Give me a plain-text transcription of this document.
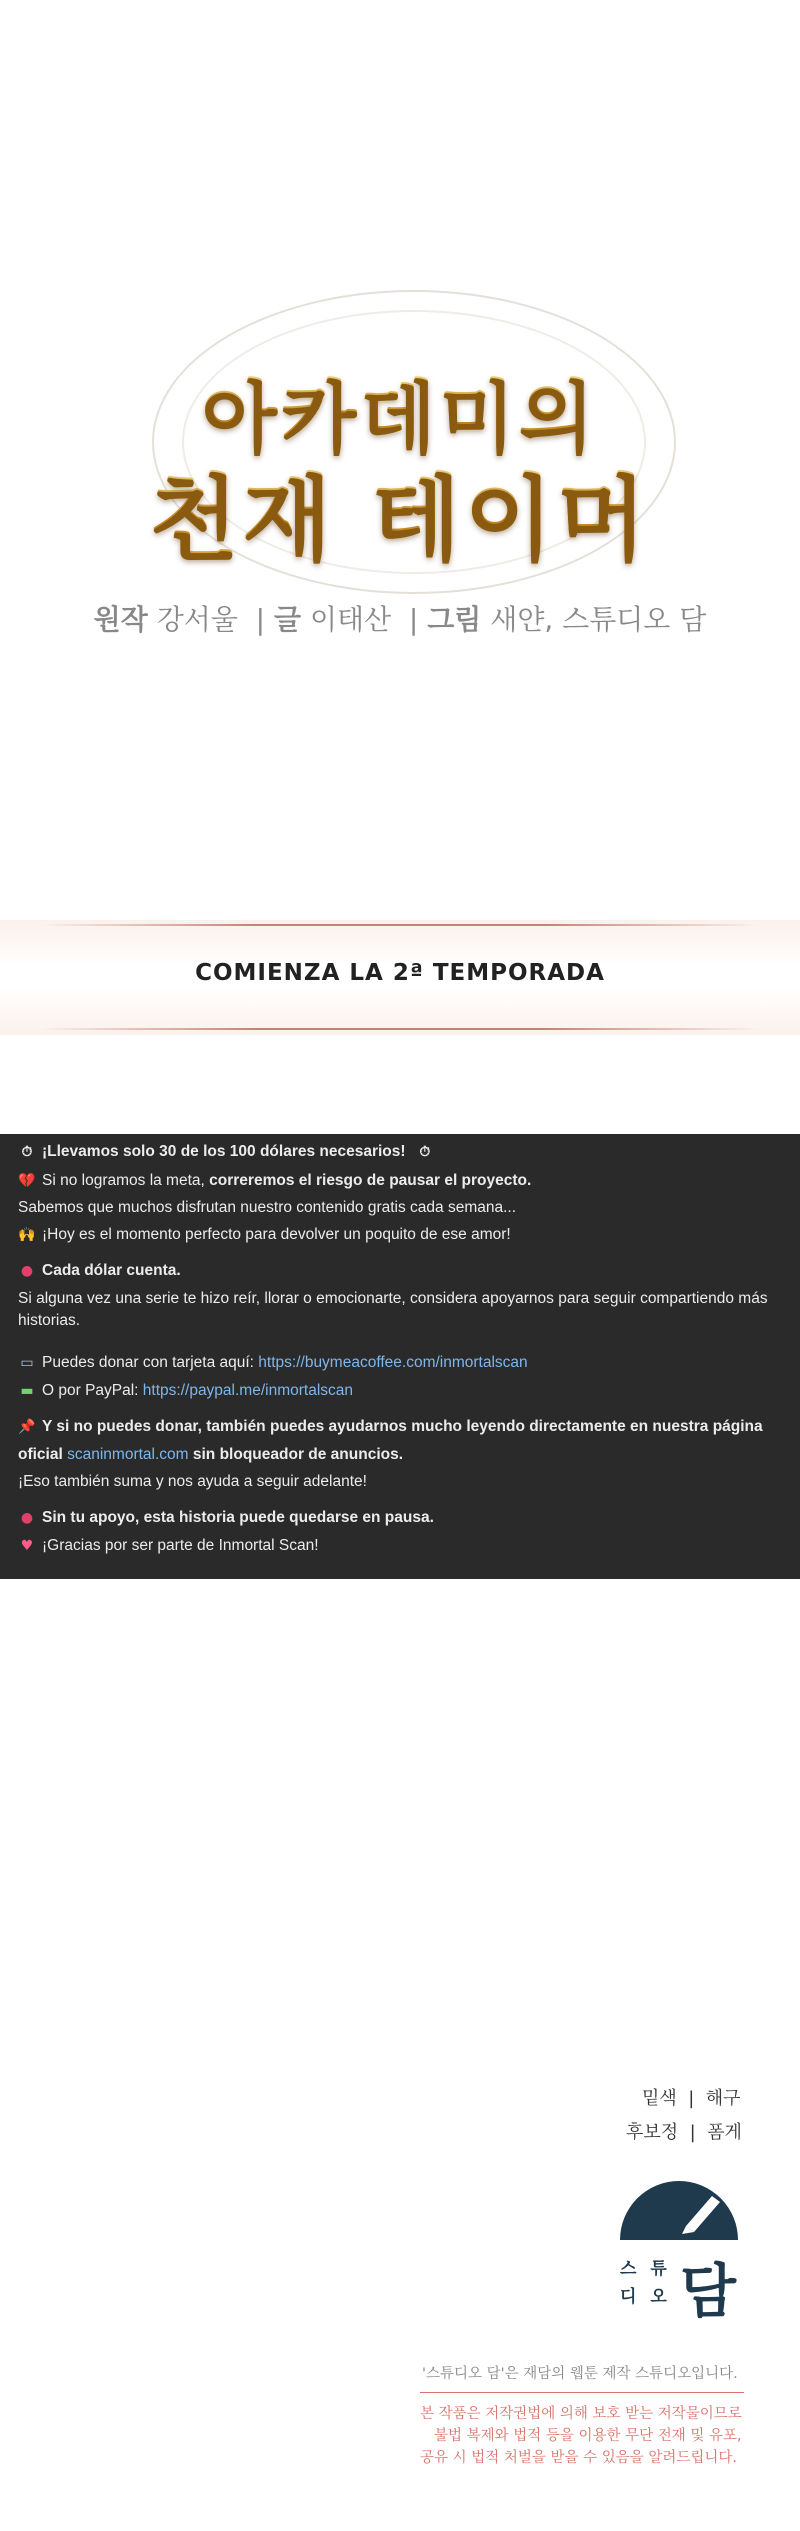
아카데미의
천재 테이머
원작 강서울  | 글 이태산  | 그림 새얀, 스튜디오 담
COMIENZA LA 2ª TEMPORADA
⏱ ¡Llevamos solo 30 de los 100 dólares necesarios! ⏱
💔 Si no logramos la meta, correremos el riesgo de pausar el proyecto.
Sabemos que muchos disfrutan nuestro contenido gratis cada semana...
🙌 ¡Hoy es el momento perfecto para devolver un poquito de ese amor!
● Cada dólar cuenta.
Si alguna vez una serie te hizo reír, llorar o emocionarte, considera apoyarnos para seguir compartiendo más historias.
▭ Puedes donar con tarjeta aquí: https://buymeacoffee.com/inmortalscan
▬ O por PayPal: https://paypal.me/inmortalscan
📌 Y si no puedes donar, también puedes ayudarnos mucho leyendo directamente en nuestra página
oficial scaninmortal.com sin bloqueador de anuncios.
¡Eso también suma y nos ayuda a seguir adelante!
● Sin tu apoyo, esta historia puede quedarse en pausa.
♥ ¡Gracias por ser parte de Inmortal Scan!
밑색  |  해구
후보정  |  폼게
스 튜
디 오 담
'스튜디오 담'은 재담의 웹툰 제작 스튜디오입니다.
본 작품은 저작권법에 의해 보호 받는 저작물이므로
불법 복제와 법적 등을 이용한 무단 전재 및 유포,
공유 시 법적 처벌을 받을 수 있음을 알려드립니다.
